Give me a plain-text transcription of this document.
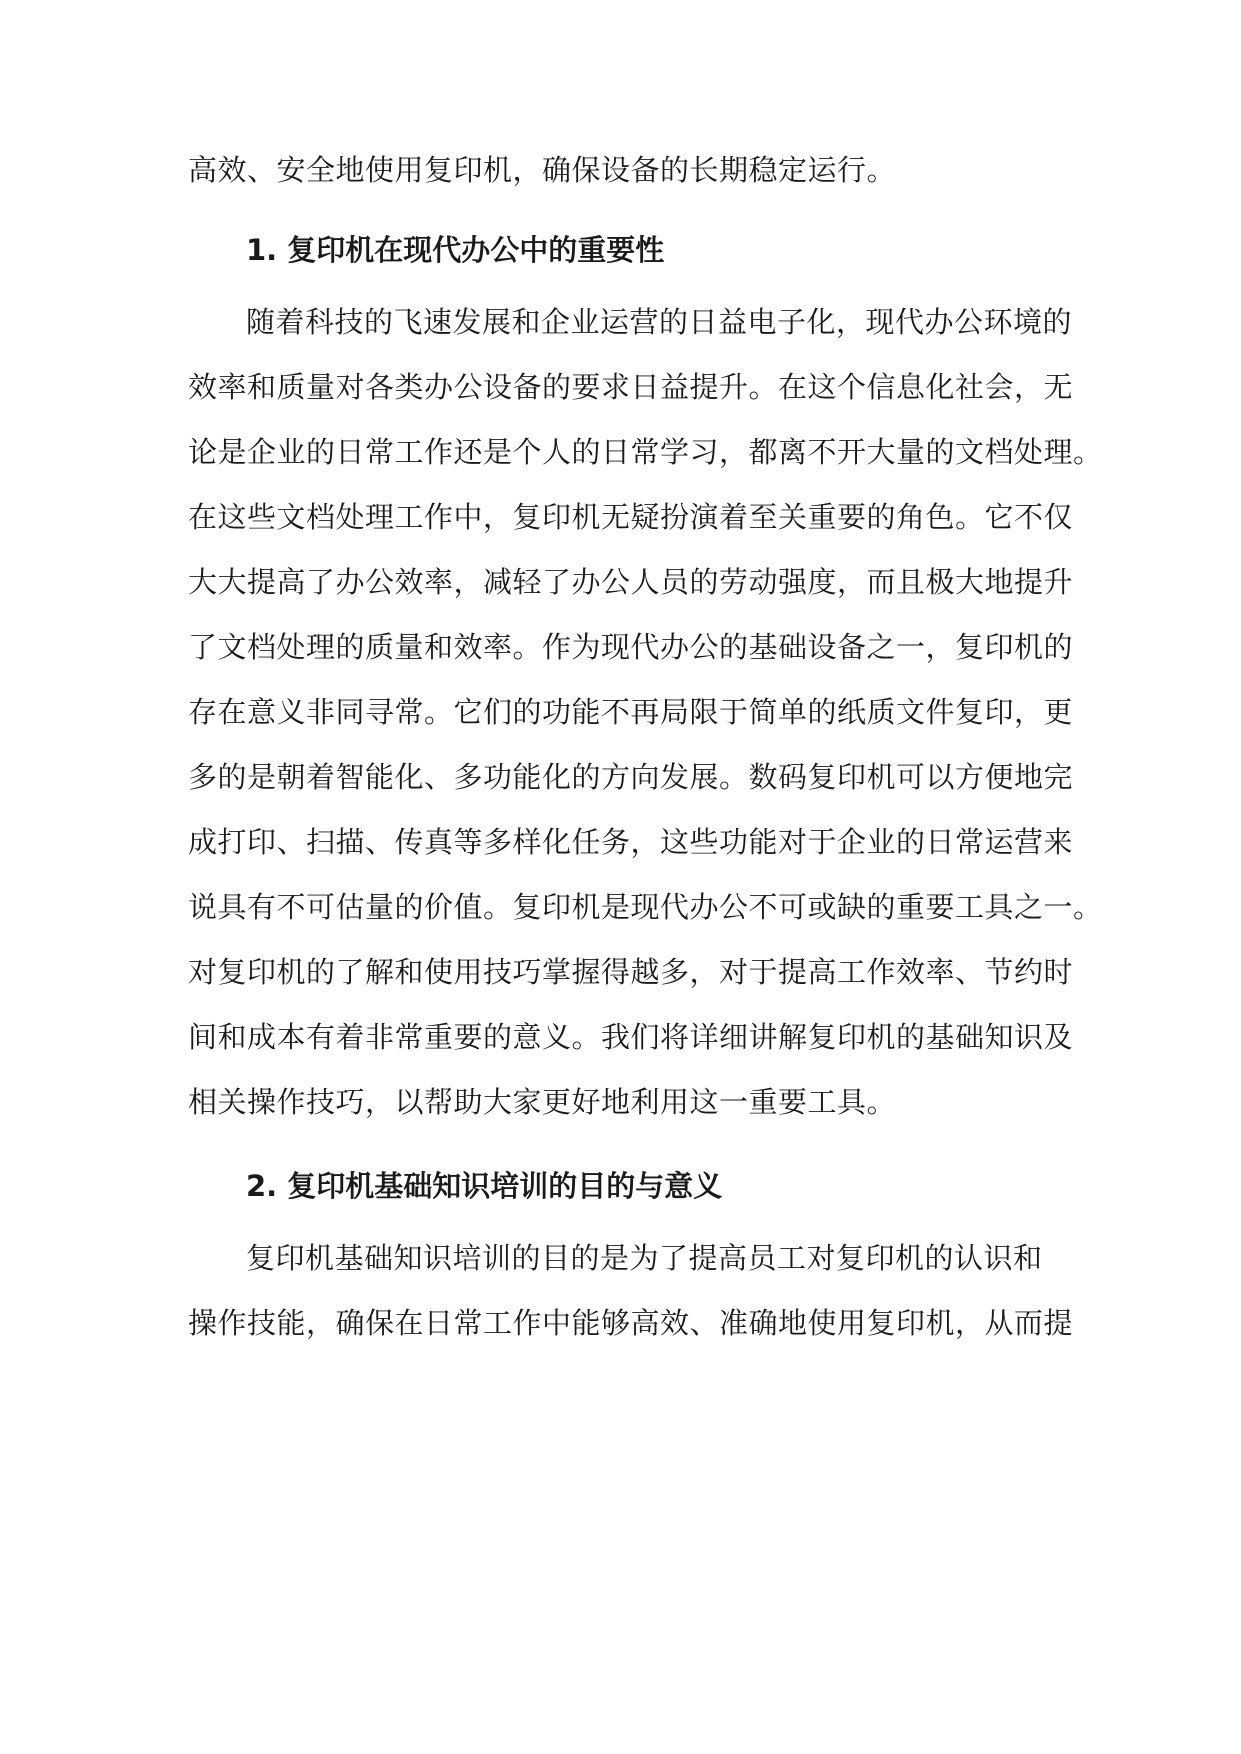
高效、安全地使用复印机，确保设备的长期稳定运行。
1. 复印机在现代办公中的重要性
随着科技的飞速发展和企业运营的日益电子化，现代办公环境的
效率和质量对各类办公设备的要求日益提升。在这个信息化社会，无
论是企业的日常工作还是个人的日常学习，都离不开大量的文档处理。
在这些文档处理工作中，复印机无疑扮演着至关重要的角色。它不仅
大大提高了办公效率，减轻了办公人员的劳动强度，而且极大地提升
了文档处理的质量和效率。作为现代办公的基础设备之一，复印机的
存在意义非同寻常。它们的功能不再局限于简单的纸质文件复印，更
多的是朝着智能化、多功能化的方向发展。数码复印机可以方便地完
成打印、扫描、传真等多样化任务，这些功能对于企业的日常运营来
说具有不可估量的价值。复印机是现代办公不可或缺的重要工具之一。
对复印机的了解和使用技巧掌握得越多，对于提高工作效率、节约时
间和成本有着非常重要的意义。我们将详细讲解复印机的基础知识及
相关操作技巧，以帮助大家更好地利用这一重要工具。
2. 复印机基础知识培训的目的与意义
复印机基础知识培训的目的是为了提高员工对复印机的认识和
操作技能，确保在日常工作中能够高效、准确地使用复印机，从而提
